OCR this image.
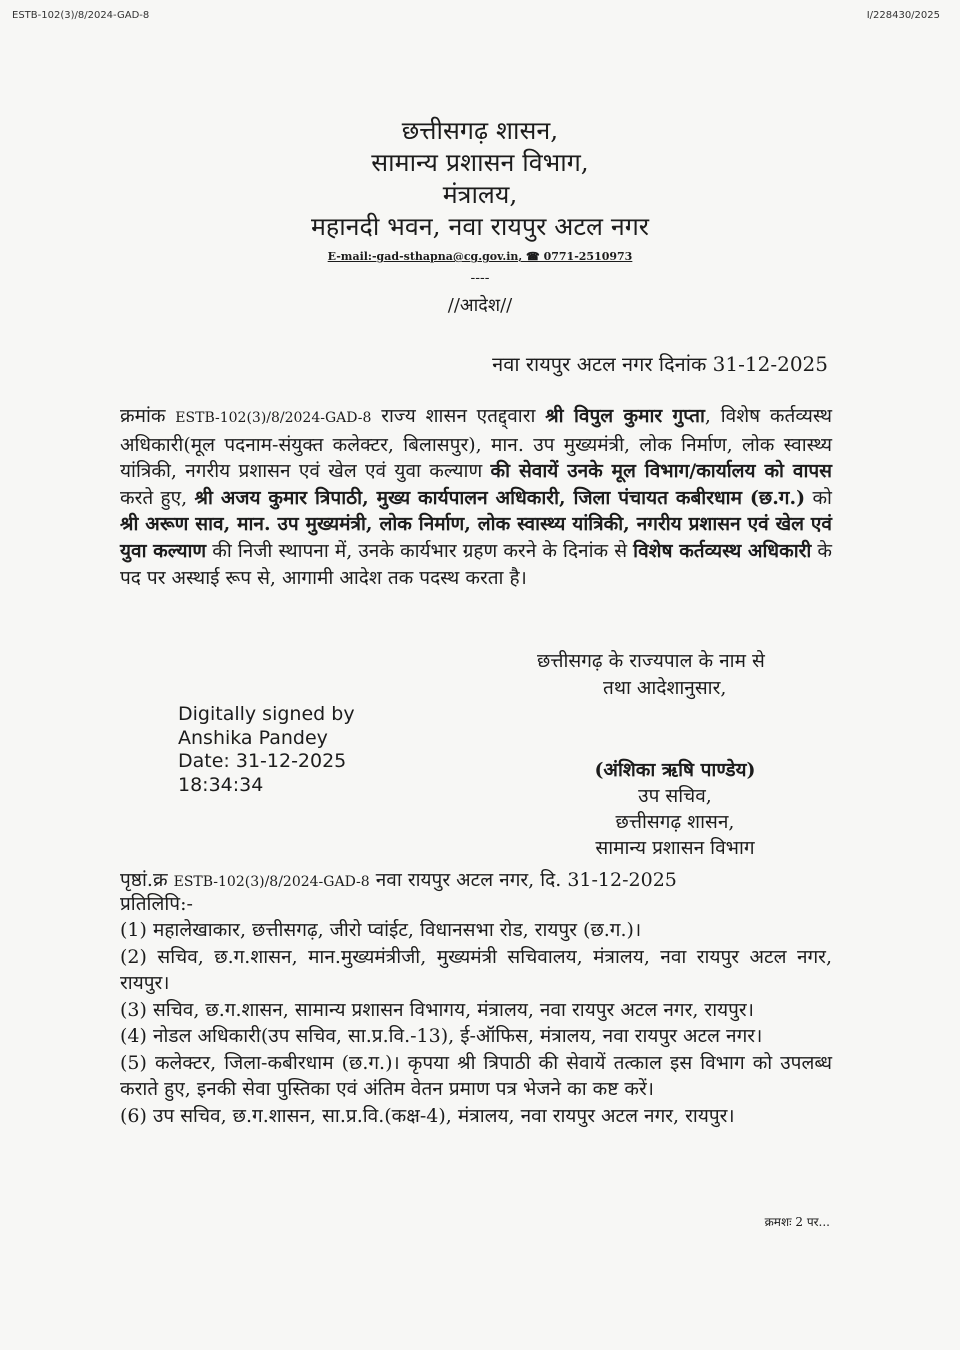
ESTB-102(3)/8/2024-GAD-8	I/228430/2025
छत्तीसगढ़ शासन,
सामान्य प्रशासन विभाग,
मंत्रालय,
महानदी भवन, नवा रायपुर अटल नगर
E-mail:-gad-sthapna@cg.gov.in, ☎ 0771-2510973
----
//आदेश//
नवा रायपुर अटल नगर दिनांक 31-12-2025
क्रमांक ESTB-102(3)/8/2024-GAD-8 राज्य शासन एतद्द्वारा श्री विपुल कुमार गुप्ता, विशेष कर्तव्यस्थ अधिकारी(मूल पदनाम-संयुक्त कलेक्टर, बिलासपुर), मान. उप मुख्यमंत्री, लोक निर्माण, लोक स्वास्थ्य यांत्रिकी, नगरीय प्रशासन एवं खेल एवं युवा कल्याण की सेवायें उनके मूल विभाग/कार्यालय को वापस करते हुए, श्री अजय कुमार त्रिपाठी, मुख्य कार्यपालन अधिकारी, जिला पंचायत कबीरधाम (छ.ग.) को श्री अरूण साव, मान. उप मुख्यमंत्री, लोक निर्माण, लोक स्वास्थ्य यांत्रिकी, नगरीय प्रशासन एवं खेल एवं युवा कल्याण की निजी स्थापना में, उनके कार्यभार ग्रहण करने के दिनांक से विशेष कर्तव्यस्थ अधिकारी के पद पर अस्थाई रूप से, आगामी आदेश तक पदस्थ करता है।
छत्तीसगढ़ के राज्यपाल के नाम से
तथा आदेशानुसार,
Digitally signed by
Anshika Pandey
Date: 31-12-2025
18:34:34
(अंशिका ऋषि पाण्डेय)
उप सचिव,
छत्तीसगढ़ शासन,
सामान्य प्रशासन विभाग
पृष्ठां.क्र ESTB-102(3)/8/2024-GAD-8 नवा रायपुर अटल नगर, दि. 31-12-2025
प्रतिलिपि:-
(1) महालेखाकार, छत्तीसगढ़, जीरो प्वांईट, विधानसभा रोड, रायपुर (छ.ग.)।
(2) सचिव, छ.ग.शासन, मान.मुख्यमंत्रीजी, मुख्यमंत्री सचिवालय, मंत्रालय, नवा रायपुर अटल नगर, रायपुर।
(3) सचिव, छ.ग.शासन, सामान्य प्रशासन विभागय, मंत्रालय, नवा रायपुर अटल नगर, रायपुर।
(4) नोडल अधिकारी(उप सचिव, सा.प्र.वि.-13), ई-ऑफिस, मंत्रालय, नवा रायपुर अटल नगर।
(5) कलेक्टर, जिला-कबीरधाम (छ.ग.)। कृपया श्री त्रिपाठी की सेवायें तत्काल इस विभाग को उपलब्ध कराते हुए, इनकी सेवा पुस्तिका एवं अंतिम वेतन प्रमाण पत्र भेजने का कष्ट करें।
(6) उप सचिव, छ.ग.शासन, सा.प्र.वि.(कक्ष-4), मंत्रालय, नवा रायपुर अटल नगर, रायपुर।
क्रमशः 2 पर...
